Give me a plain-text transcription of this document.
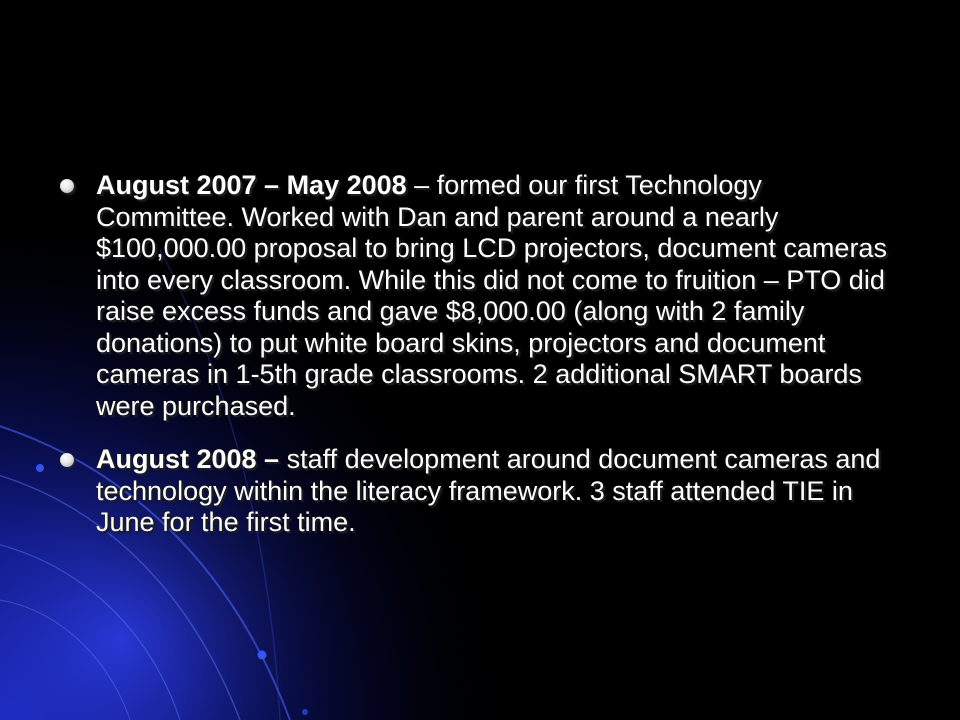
August 2007 – May 2008 – formed our first Technology Committee. Worked with Dan and parent around a nearly $100,000.00 proposal to bring LCD projectors, document cameras into every classroom. While this did not come to fruition – PTO did raise excess funds and gave $8,000.00 (along with 2 family donations) to put white board skins, projectors and document cameras in 1-5th grade classrooms. 2 additional SMART boards were purchased.
August 2008 – staff development around document cameras and technology within the literacy framework. 3 staff attended TIE in June for the first time.
